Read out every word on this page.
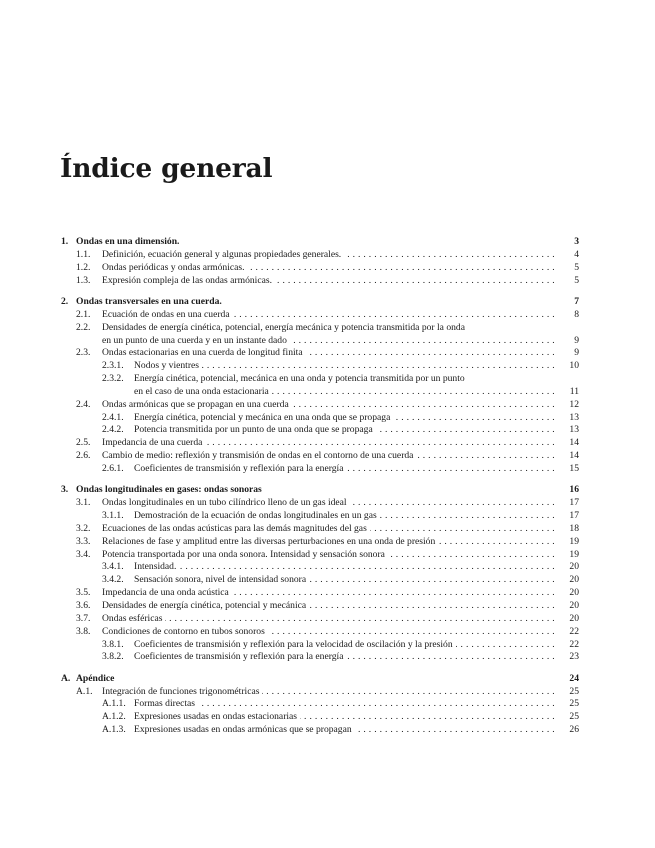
Índice general
1. Ondas en una dimensión.	3
1.1.	Definición, ecuación general y algunas propiedades generales. . . .	4
1.2.	Ondas periódicas y ondas armónicas. . . .	5
1.3.	Expresión compleja de las ondas armónicas. . . .	5
2. Ondas transversales en una cuerda.	7
2.1.	Ecuación de ondas en una cuerda . . .	8
2.2.	Densidades de energía cinética, potencial, energía mecánica y potencia transmitida por la onda
en un punto de una cuerda y en un instante dado . . .	9
2.3.	Ondas estacionarias en una cuerda de longitud finita . . .	9
2.3.1.	Nodos y vientres . . .	10
2.3.2.	Energía cinética, potencial, mecánica en una onda y potencia transmitida por un punto
en el caso de una onda estacionaria . . .	11
2.4.	Ondas armónicas que se propagan en una cuerda . . .	12
2.4.1.	Energía cinética, potencial y mecánica en una onda que se propaga . . .	13
2.4.2.	Potencia transmitida por un punto de una onda que se propaga . . .	13
2.5.	Impedancia de una cuerda . . .	14
2.6.	Cambio de medio: reflexión y transmisión de ondas en el contorno de una cuerda . . .	14
2.6.1.	Coeficientes de transmisión y reflexión para la energía . . .	15
3. Ondas longitudinales en gases: ondas sonoras	16
3.1.	Ondas longitudinales en un tubo cilíndrico lleno de un gas ideal . . .	17
3.1.1.	Demostración de la ecuación de ondas longitudinales en un gas . . .	17
3.2.	Ecuaciones de las ondas acústicas para las demás magnitudes del gas . . .	18
3.3.	Relaciones de fase y amplitud entre las diversas perturbaciones en una onda de presión . . .	19
3.4.	Potencia transportada por una onda sonora. Intensidad y sensación sonora . . .	19
3.4.1.	Intensidad. . . .	20
3.4.2.	Sensación sonora, nivel de intensidad sonora . . .	20
3.5.	Impedancia de una onda acústica . . .	20
3.6.	Densidades de energía cinética, potencial y mecánica . . .	20
3.7.	Ondas esféricas . . .	20
3.8.	Condiciones de contorno en tubos sonoros . . .	22
3.8.1.	Coeficientes de transmisión y reflexión para la velocidad de oscilación y la presión . . .	22
3.8.2.	Coeficientes de transmisión y reflexión para la energía . . .	23
A. Apéndice	24
A.1. Integración de funciones trigonométricas . . .	25
A.1.1. Formas directas . . .	25
A.1.2. Expresiones usadas en ondas estacionarias . . .	25
A.1.3. Expresiones usadas en ondas armónicas que se propagan . . .	26
